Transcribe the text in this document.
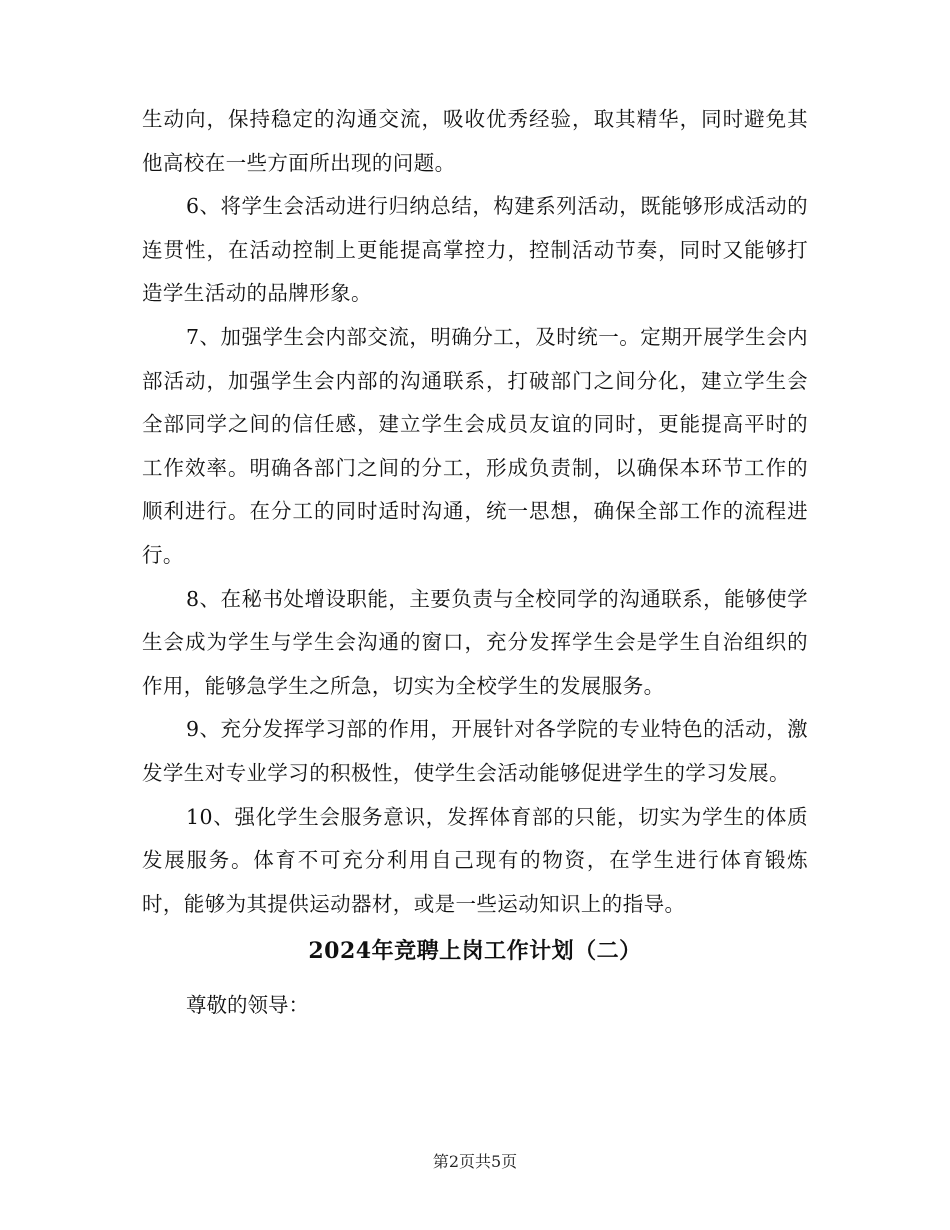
生动向，保持稳定的沟通交流，吸收优秀经验，取其精华，同时避免其他高校在一些方面所出现的问题。

6、将学生会活动进行归纳总结，构建系列活动，既能够形成活动的连贯性，在活动控制上更能提高掌控力，控制活动节奏，同时又能够打造学生活动的品牌形象。

7、加强学生会内部交流，明确分工，及时统一。定期开展学生会内部活动，加强学生会内部的沟通联系，打破部门之间分化，建立学生会全部同学之间的信任感，建立学生会成员友谊的同时，更能提高平时的工作效率。明确各部门之间的分工，形成负责制，以确保本环节工作的顺利进行。在分工的同时适时沟通，统一思想，确保全部工作的流程进行。

8、在秘书处增设职能，主要负责与全校同学的沟通联系，能够使学生会成为学生与学生会沟通的窗口，充分发挥学生会是学生自治组织的作用，能够急学生之所急，切实为全校学生的发展服务。

9、充分发挥学习部的作用，开展针对各学院的专业特色的活动，激发学生对专业学习的积极性，使学生会活动能够促进学生的学习发展。

10、强化学生会服务意识，发挥体育部的只能，切实为学生的体质发展服务。体育不可充分利用自己现有的物资，在学生进行体育锻炼时，能够为其提供运动器材，或是一些运动知识上的指导。

2024年竞聘上岗工作计划（二）

尊敬的领导：

第2页共5页
